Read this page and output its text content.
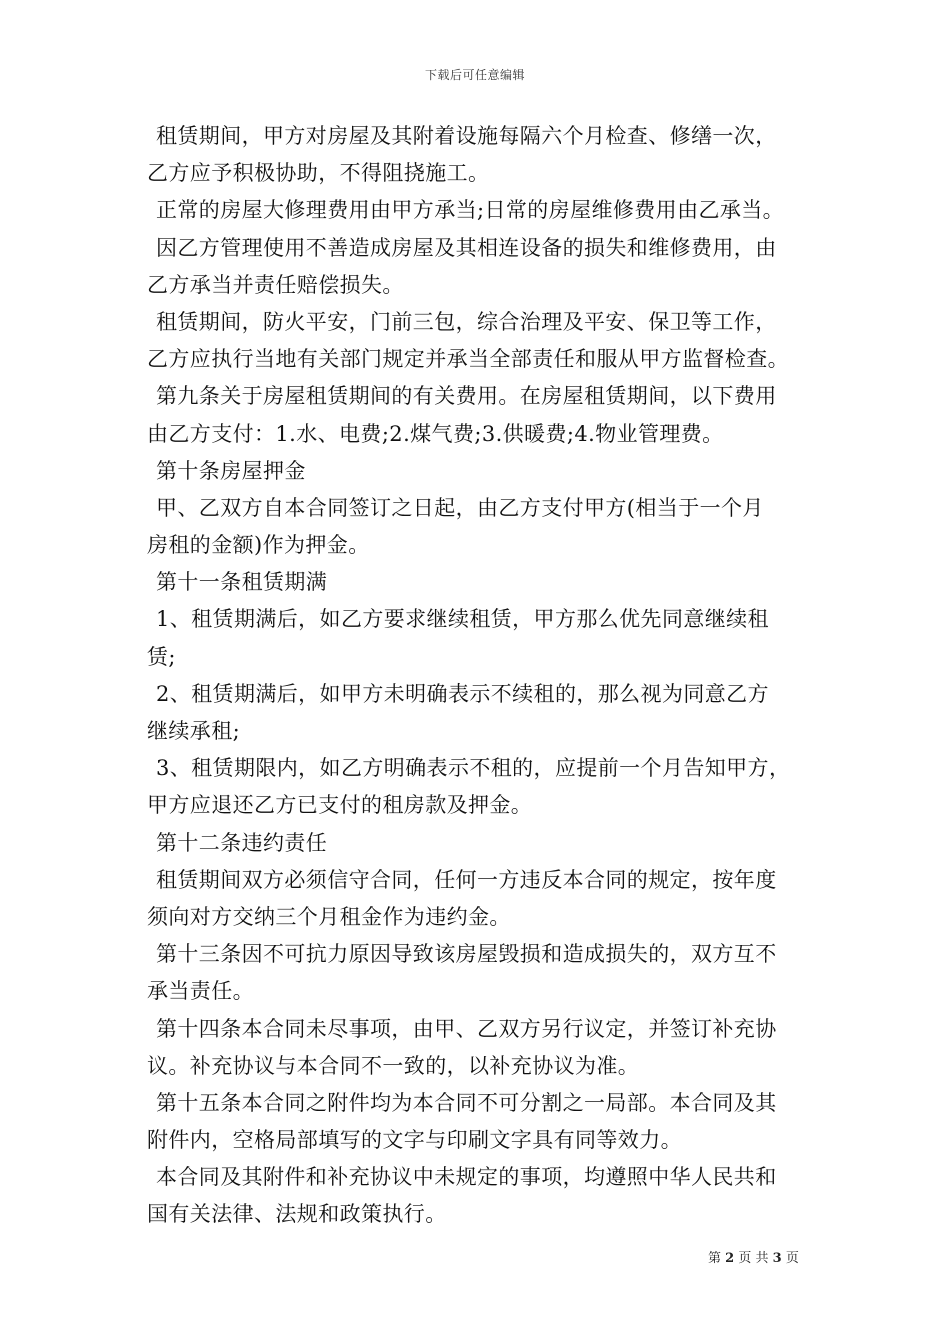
下载后可任意编辑
租赁期间，甲方对房屋及其附着设施每隔六个月检查、修缮一次，
乙方应予积极协助，不得阻挠施工。
正常的房屋大修理费用由甲方承当;日常的房屋维修费用由乙承当。
因乙方管理使用不善造成房屋及其相连设备的损失和维修费用，由
乙方承当并责任赔偿损失。
租赁期间，防火平安，门前三包，综合治理及平安、保卫等工作，
乙方应执行当地有关部门规定并承当全部责任和服从甲方监督检查。
第九条关于房屋租赁期间的有关费用。在房屋租赁期间，以下费用
由乙方支付：1.水、电费;2.煤气费;3.供暖费;4.物业管理费。
第十条房屋押金
甲、乙双方自本合同签订之日起，由乙方支付甲方(相当于一个月
房租的金额)作为押金。
第十一条租赁期满
1、租赁期满后，如乙方要求继续租赁，甲方那么优先同意继续租
赁;
2、租赁期满后，如甲方未明确表示不续租的，那么视为同意乙方
继续承租;
3、租赁期限内，如乙方明确表示不租的，应提前一个月告知甲方，
甲方应退还乙方已支付的租房款及押金。
第十二条违约责任
租赁期间双方必须信守合同，任何一方违反本合同的规定，按年度
须向对方交纳三个月租金作为违约金。
第十三条因不可抗力原因导致该房屋毁损和造成损失的，双方互不
承当责任。
第十四条本合同未尽事项，由甲、乙双方另行议定，并签订补充协
议。补充协议与本合同不一致的，以补充协议为准。
第十五条本合同之附件均为本合同不可分割之一局部。本合同及其
附件内，空格局部填写的文字与印刷文字具有同等效力。
本合同及其附件和补充协议中未规定的事项，均遵照中华人民共和
国有关法律、法规和政策执行。
第 2 页 共 3 页
